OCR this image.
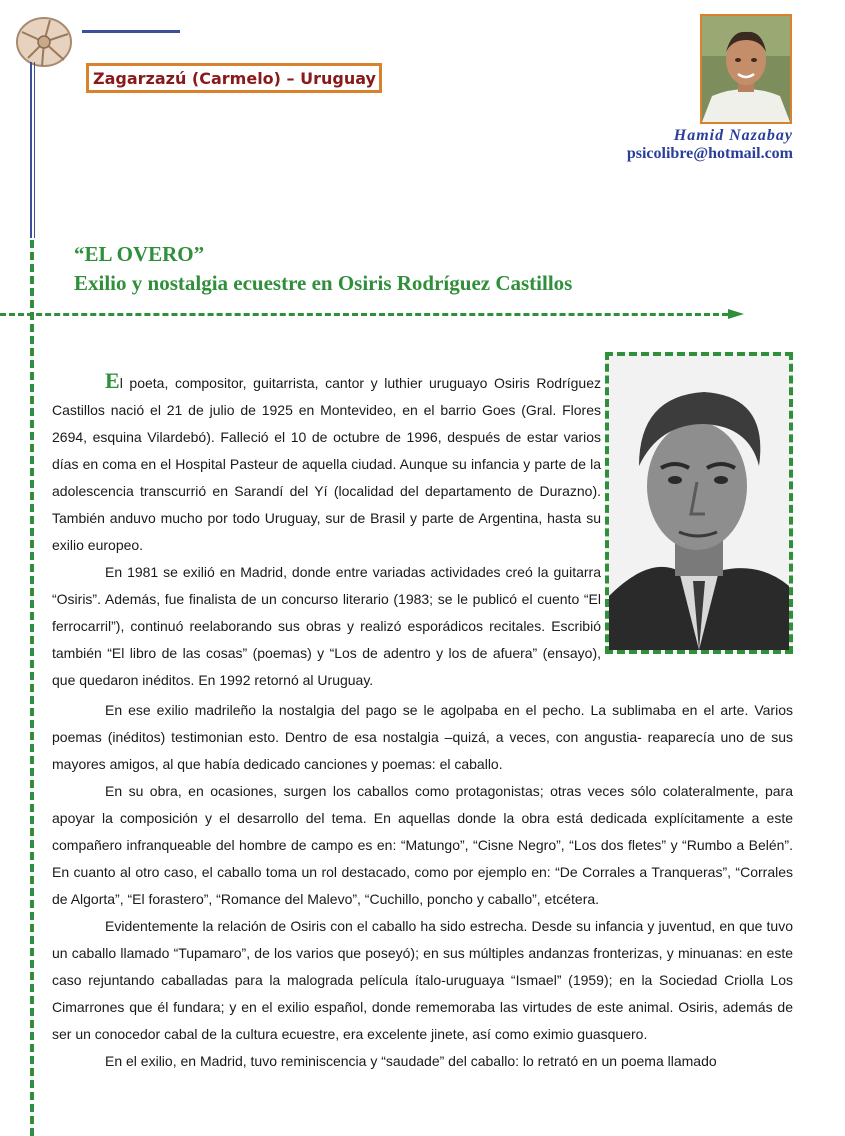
Zagarzazú (Carmelo) – Uruguay
Hamid Nazabay
psicolibre@hotmail.com
“EL OVERO”
Exilio y nostalgia ecuestre en Osiris Rodríguez Castillos

El poeta, compositor, guitarrista, cantor y luthier uruguayo Osiris Rodríguez Castillos nació el 21 de julio de 1925 en Montevideo, en el barrio Goes (Gral. Flores 2694, esquina Vilardebó). Falleció el 10 de octubre de 1996, después de estar varios días en coma en el Hospital Pasteur de aquella ciudad. Aunque su infancia y parte de la adolescencia transcurrió en Sarandí del Yí (localidad del departamento de Durazno). También anduvo mucho por todo Uruguay, sur de Brasil y parte de Argentina, hasta su exilio europeo.

En 1981 se exilió en Madrid, donde entre variadas actividades creó la guitarra “Osiris”. Además, fue finalista de un concurso literario (1983; se le publicó el cuento “El ferrocarril”), continuó reelaborando sus obras y realizó esporádicos recitales. Escribió también “El libro de las cosas” (poemas) y “Los de adentro y los de afuera” (ensayo), que quedaron inéditos. En 1992 retornó al Uruguay.

En ese exilio madrileño la nostalgia del pago se le agolpaba en el pecho. La sublimaba en el arte. Varios poemas (inéditos) testimonian esto. Dentro de esa nostalgia –quizá, a veces, con angustia- reaparecía uno de sus mayores amigos, al que había dedicado canciones y poemas: el caballo.

En su obra, en ocasiones, surgen los caballos como protagonistas; otras veces sólo colateralmente, para apoyar la composición y el desarrollo del tema. En aquellas donde la obra está dedicada explícitamente a este compañero infranqueable del hombre de campo es en: “Matungo”, “Cisne Negro”, “Los dos fletes” y “Rumbo a Belén”. En cuanto al otro caso, el caballo toma un rol destacado, como por ejemplo en: “De Corrales a Tranqueras”, “Corrales de Algorta”, “El forastero”, “Romance del Malevo”, “Cuchillo, poncho y caballo”, etcétera.

Evidentemente la relación de Osiris con el caballo ha sido estrecha. Desde su infancia y juventud, en que tuvo un caballo llamado “Tupamaro”, de los varios que poseyó); en sus múltiples andanzas fronterizas, y minuanas: en este caso rejuntando caballadas para la malograda película ítalo-uruguaya “Ismael” (1959); en la Sociedad Criolla Los Cimarrones que él fundara; y en el exilio español, donde rememoraba las virtudes de este animal. Osiris, además de ser un conocedor cabal de la cultura ecuestre, era excelente jinete, así como eximio guasquero.

En el exilio, en Madrid, tuvo reminiscencia y “saudade” del caballo: lo retrató en un poema llamado
